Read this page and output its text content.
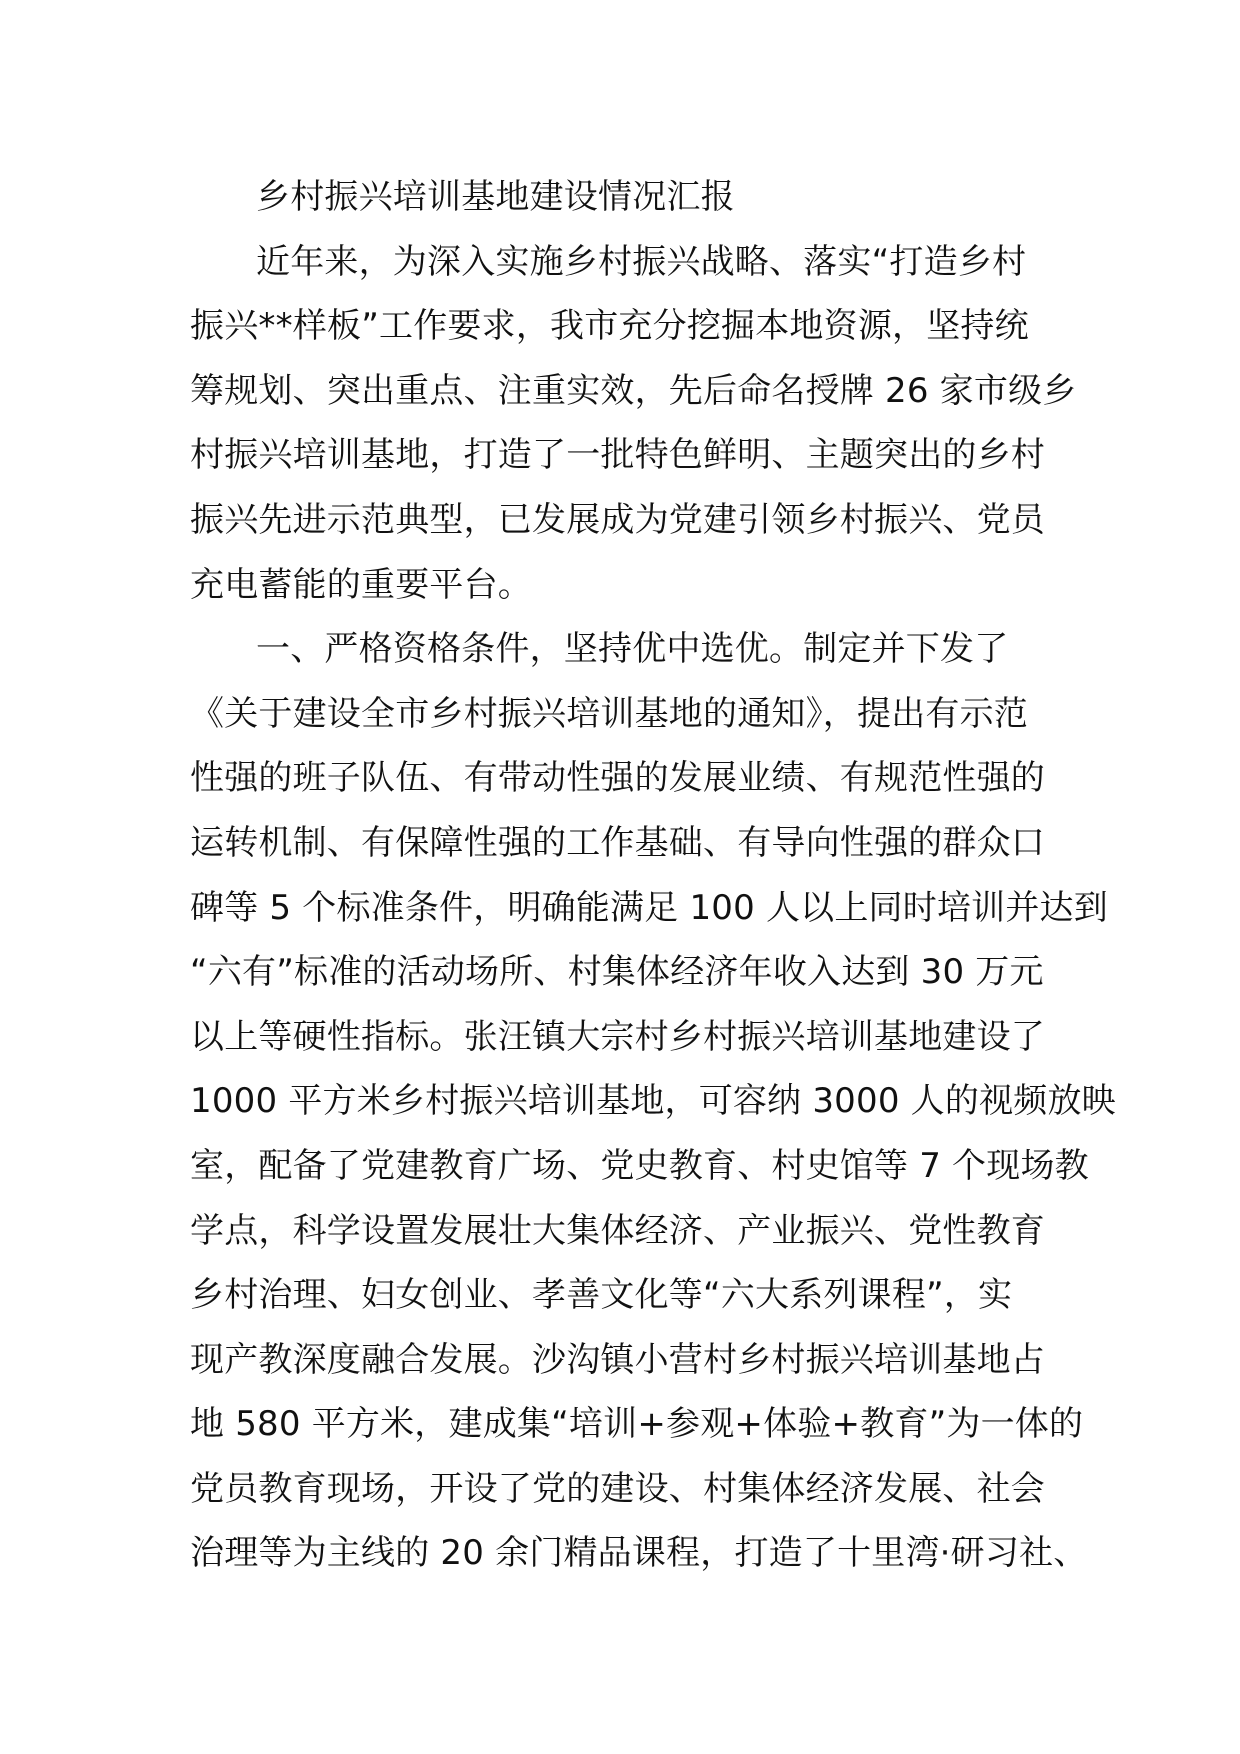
乡村振兴培训基地建设情况汇报
近年来，为深入实施乡村振兴战略、落实“打造乡村
振兴**样板”工作要求，我市充分挖掘本地资源，坚持统
筹规划、突出重点、注重实效，先后命名授牌 26 家市级乡
村振兴培训基地，打造了一批特色鲜明、主题突出的乡村
振兴先进示范典型，已发展成为党建引领乡村振兴、党员
充电蓄能的重要平台。
一、严格资格条件，坚持优中选优。制定并下发了
《关于建设全市乡村振兴培训基地的通知》，提出有示范
性强的班子队伍、有带动性强的发展业绩、有规范性强的
运转机制、有保障性强的工作基础、有导向性强的群众口
碑等 5 个标准条件，明确能满足 100 人以上同时培训并达到
“六有”标准的活动场所、村集体经济年收入达到 30 万元
以上等硬性指标。张汪镇大宗村乡村振兴培训基地建设了
1000 平方米乡村振兴培训基地，可容纳 3000 人的视频放映
室，配备了党建教育广场、党史教育、村史馆等 7 个现场教
学点，科学设置发展壮大集体经济、产业振兴、党性教育
乡村治理、妇女创业、孝善文化等“六大系列课程”，实
现产教深度融合发展。沙沟镇小营村乡村振兴培训基地占
地 580 平方米，建成集“培训+参观+体验+教育”为一体的
党员教育现场，开设了党的建设、村集体经济发展、社会
治理等为主线的 20 余门精品课程，打造了十里湾·研习社、
